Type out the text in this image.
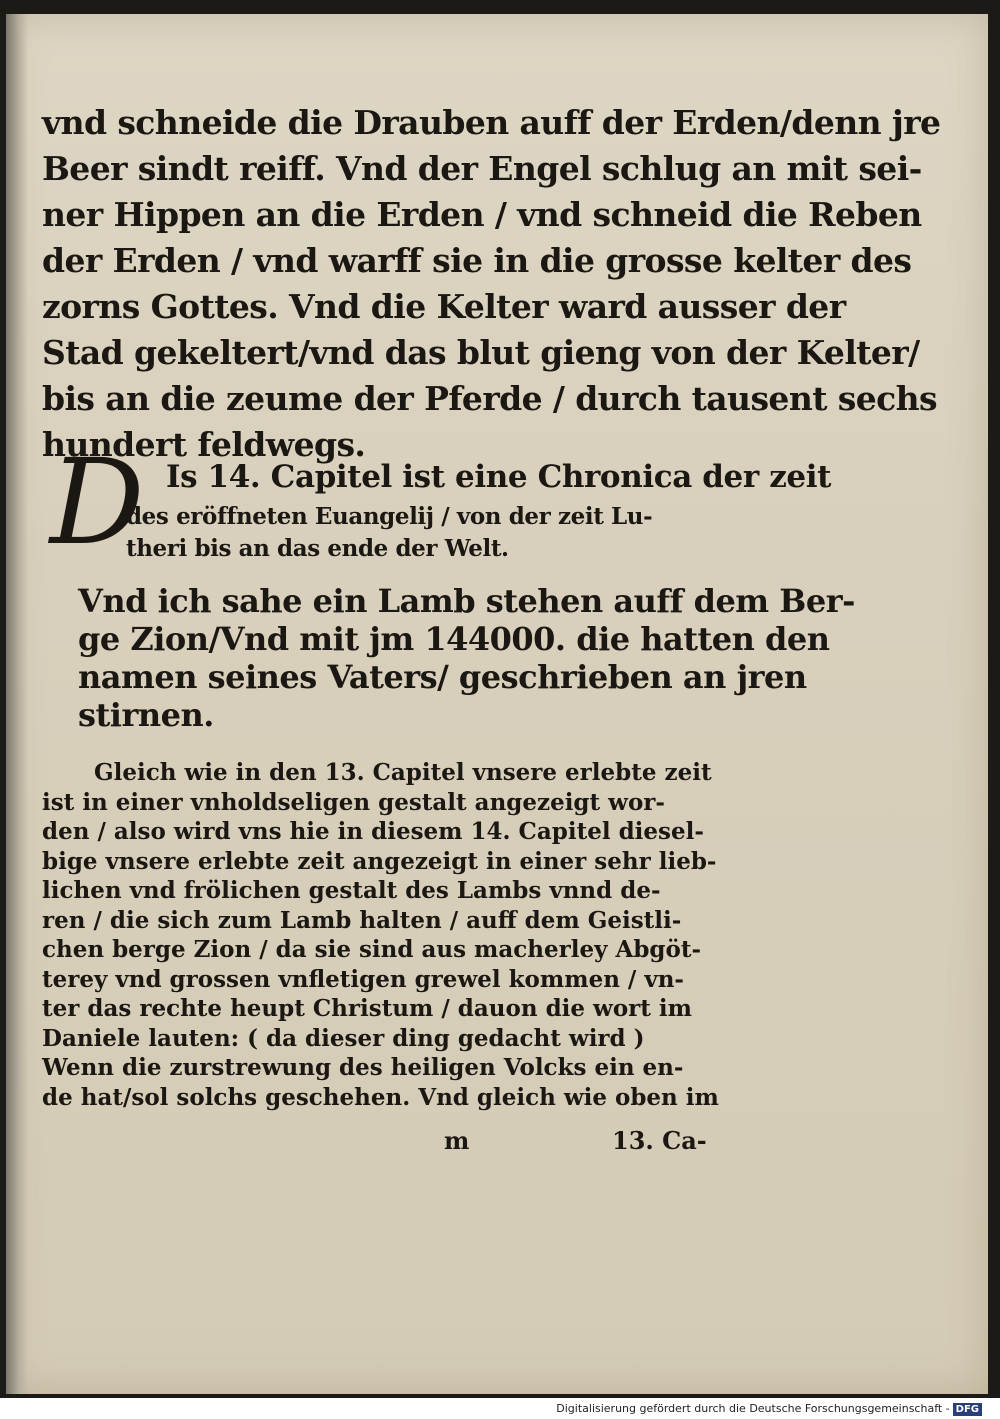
vnd schneide die Drauben auff der Erden/denn jre
Beer sindt reiff. Vnd der Engel schlug an mit sei-
ner Hippen an die Erden / vnd schneid die Reben
der Erden / vnd warff sie in die grosse kelter des
zorns Gottes. Vnd die Kelter ward ausser der
Stad gekeltert/vnd das blut gieng von der Kelter/
bis an die zeume der Pferde / durch tausent sechs
hundert feldwegs.
D Is 14. Capitel ist eine Chronica der zeit
des eröffneten Euangelij / von der zeit Lu-
theri bis an das ende der Welt.
Vnd ich sahe ein Lamb stehen auff dem Ber-
ge Zion/Vnd mit jm 144000. die hatten den
namen seines Vaters/ geschrieben an jren
stirnen.
Gleich wie in den 13. Capitel vnsere erlebte zeit
ist in einer vnholdseligen gestalt angezeigt wor-
den / also wird vns hie in diesem 14. Capitel diesel-
bige vnsere erlebte zeit angezeigt in einer sehr lieb-
lichen vnd frölichen gestalt des Lambs vnnd de-
ren / die sich zum Lamb halten / auff dem Geistli-
chen berge Zion / da sie sind aus macherley Abgöt-
terey vnd grossen vnfletigen grewel kommen / vn-
ter das rechte heupt Christum / dauon die wort im
Daniele lauten: ( da dieser ding gedacht wird )
Wenn die zurstrewung des heiligen Volcks ein en-
de hat/sol solchs geschehen. Vnd gleich wie oben im
m	13. Ca-
Digitalisierung gefördert durch die Deutsche Forschungsgemeinschaft - DFG
